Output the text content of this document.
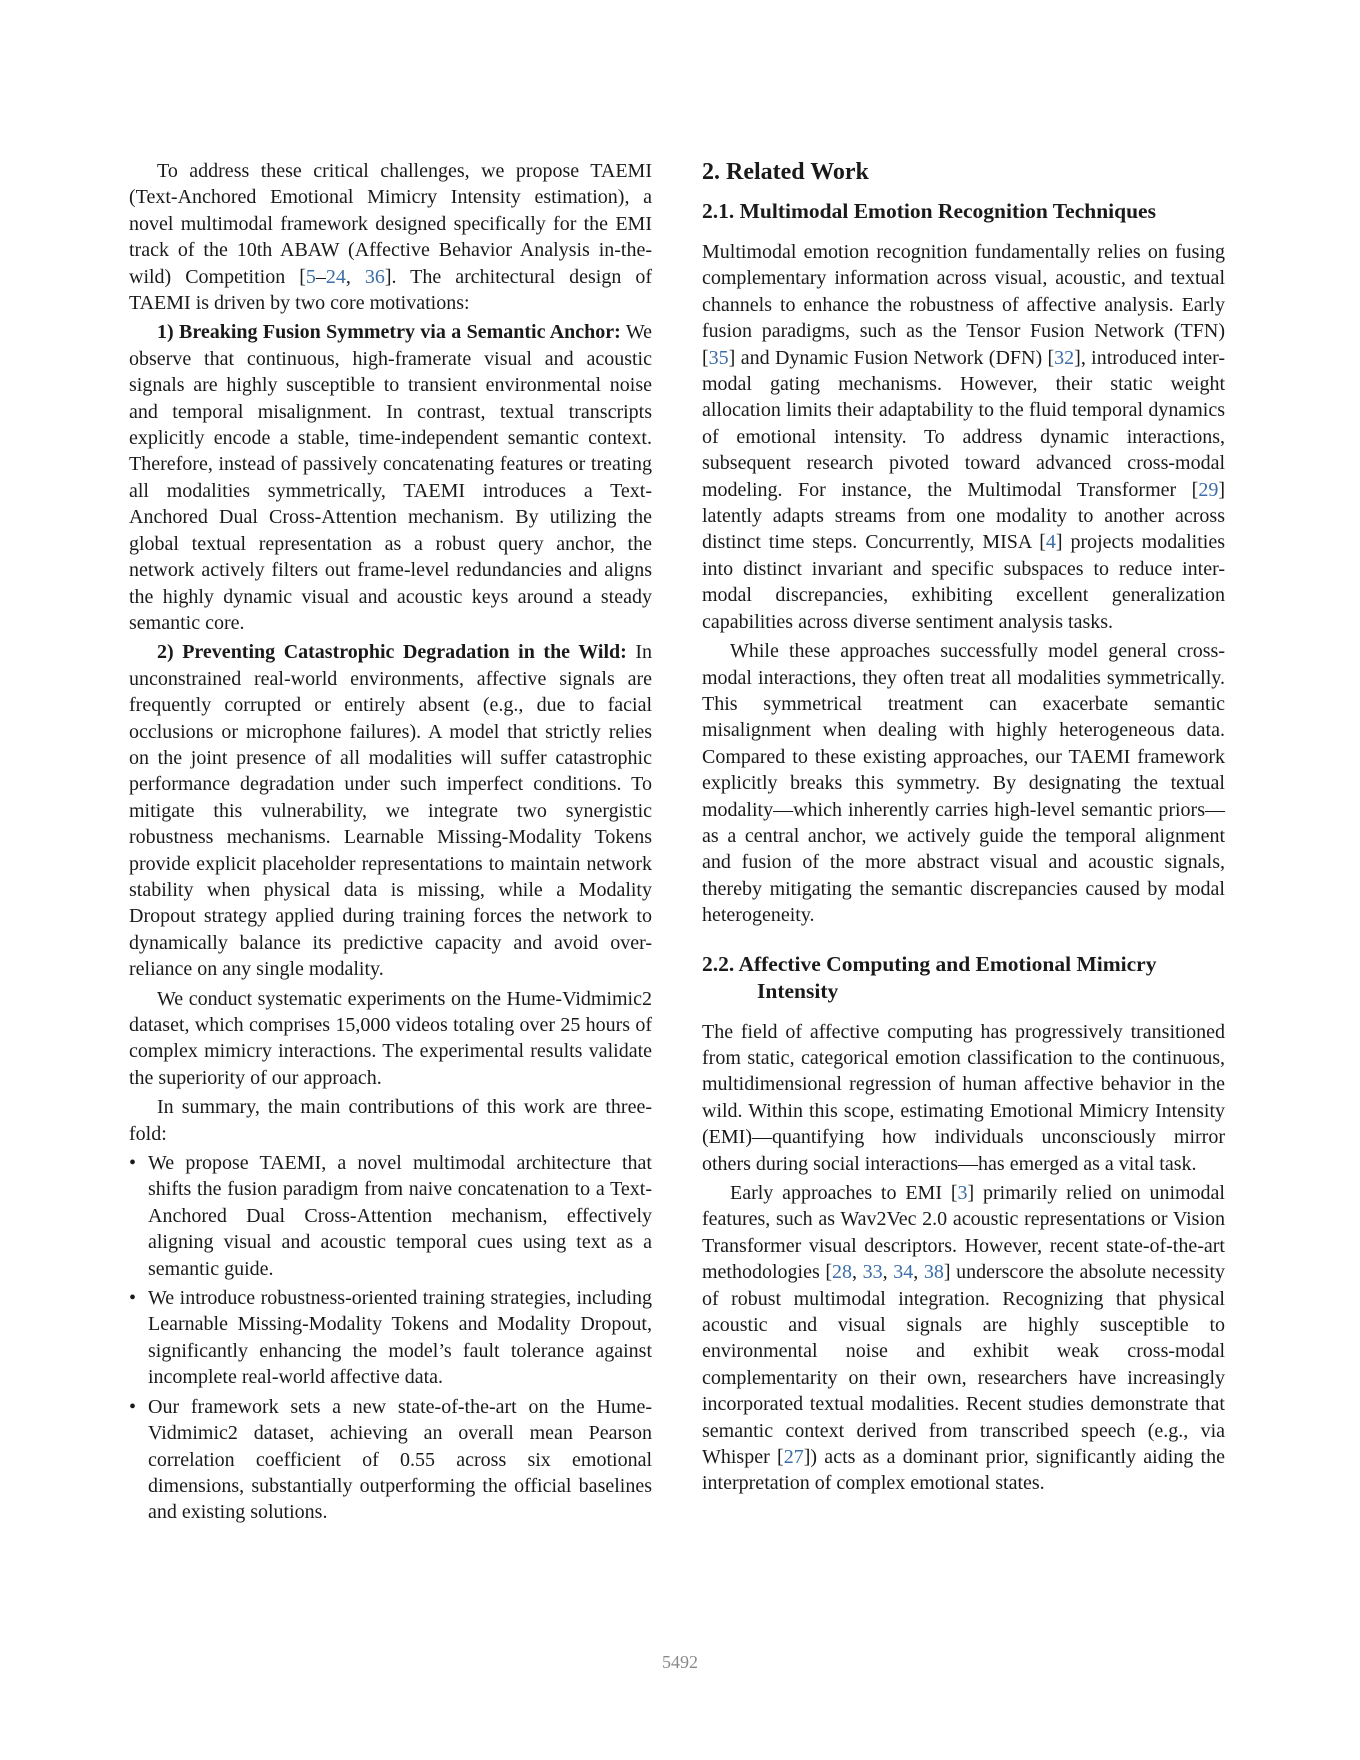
To address these critical challenges, we propose TAEMI (Text-Anchored Emotional Mimicry Intensity estimation), a novel multimodal framework designed specifically for the EMI track of the 10th ABAW (Affective Behavior Analysis in-the-wild) Competition [5–24, 36]. The architectural design of TAEMI is driven by two core motivations:

1) Breaking Fusion Symmetry via a Semantic Anchor: We observe that continuous, high-framerate visual and acoustic signals are highly susceptible to transient environmental noise and temporal misalignment. In contrast, textual transcripts explicitly encode a stable, time-independent semantic context. Therefore, instead of passively concatenating features or treating all modalities symmetrically, TAEMI introduces a Text-Anchored Dual Cross-Attention mechanism. By utilizing the global textual representation as a robust query anchor, the network actively filters out frame-level redundancies and aligns the highly dynamic visual and acoustic keys around a steady semantic core.

2) Preventing Catastrophic Degradation in the Wild: In unconstrained real-world environments, affective signals are frequently corrupted or entirely absent (e.g., due to facial occlusions or microphone failures). A model that strictly relies on the joint presence of all modalities will suffer catastrophic performance degradation under such imperfect conditions. To mitigate this vulnerability, we integrate two synergistic robustness mechanisms. Learnable Missing-Modality Tokens provide explicit placeholder representations to maintain network stability when physical data is missing, while a Modality Dropout strategy applied during training forces the network to dynamically balance its predictive capacity and avoid over-reliance on any single modality.

We conduct systematic experiments on the Hume-Vidmimic2 dataset, which comprises 15,000 videos totaling over 25 hours of complex mimicry interactions. The experimental results validate the superiority of our approach.

In summary, the main contributions of this work are three-fold:

• We propose TAEMI, a novel multimodal architecture that shifts the fusion paradigm from naive concatenation to a Text-Anchored Dual Cross-Attention mechanism, effectively aligning visual and acoustic temporal cues using text as a semantic guide.
• We introduce robustness-oriented training strategies, including Learnable Missing-Modality Tokens and Modality Dropout, significantly enhancing the model’s fault tolerance against incomplete real-world affective data.
• Our framework sets a new state-of-the-art on the Hume-Vidmimic2 dataset, achieving an overall mean Pearson correlation coefficient of 0.55 across six emotional dimensions, substantially outperforming the official baselines and existing solutions.
2. Related Work
2.1. Multimodal Emotion Recognition Techniques

Multimodal emotion recognition fundamentally relies on fusing complementary information across visual, acoustic, and textual channels to enhance the robustness of affective analysis. Early fusion paradigms, such as the Tensor Fusion Network (TFN) [35] and Dynamic Fusion Network (DFN) [32], introduced inter-modal gating mechanisms. However, their static weight allocation limits their adaptability to the fluid temporal dynamics of emotional intensity. To address dynamic interactions, subsequent research pivoted toward advanced cross-modal modeling. For instance, the Multimodal Transformer [29] latently adapts streams from one modality to another across distinct time steps. Concurrently, MISA [4] projects modalities into distinct invariant and specific subspaces to reduce inter-modal discrepancies, exhibiting excellent generalization capabilities across diverse sentiment analysis tasks.

While these approaches successfully model general cross-modal interactions, they often treat all modalities symmetrically. This symmetrical treatment can exacerbate semantic misalignment when dealing with highly heterogeneous data. Compared to these existing approaches, our TAEMI framework explicitly breaks this symmetry. By designating the textual modality—which inherently carries high-level semantic priors—as a central anchor, we actively guide the temporal alignment and fusion of the more abstract visual and acoustic signals, thereby mitigating the semantic discrepancies caused by modal heterogeneity.

2.2. Affective Computing and Emotional Mimicry Intensity

The field of affective computing has progressively transitioned from static, categorical emotion classification to the continuous, multidimensional regression of human affective behavior in the wild. Within this scope, estimating Emotional Mimicry Intensity (EMI)—quantifying how individuals unconsciously mirror others during social interactions—has emerged as a vital task.

Early approaches to EMI [3] primarily relied on unimodal features, such as Wav2Vec 2.0 acoustic representations or Vision Transformer visual descriptors. However, recent state-of-the-art methodologies [28, 33, 34, 38] underscore the absolute necessity of robust multimodal integration. Recognizing that physical acoustic and visual signals are highly susceptible to environmental noise and exhibit weak cross-modal complementarity on their own, researchers have increasingly incorporated textual modalities. Recent studies demonstrate that semantic context derived from transcribed speech (e.g., via Whisper [27]) acts as a dominant prior, significantly aiding the interpretation of complex emotional states.

5492
